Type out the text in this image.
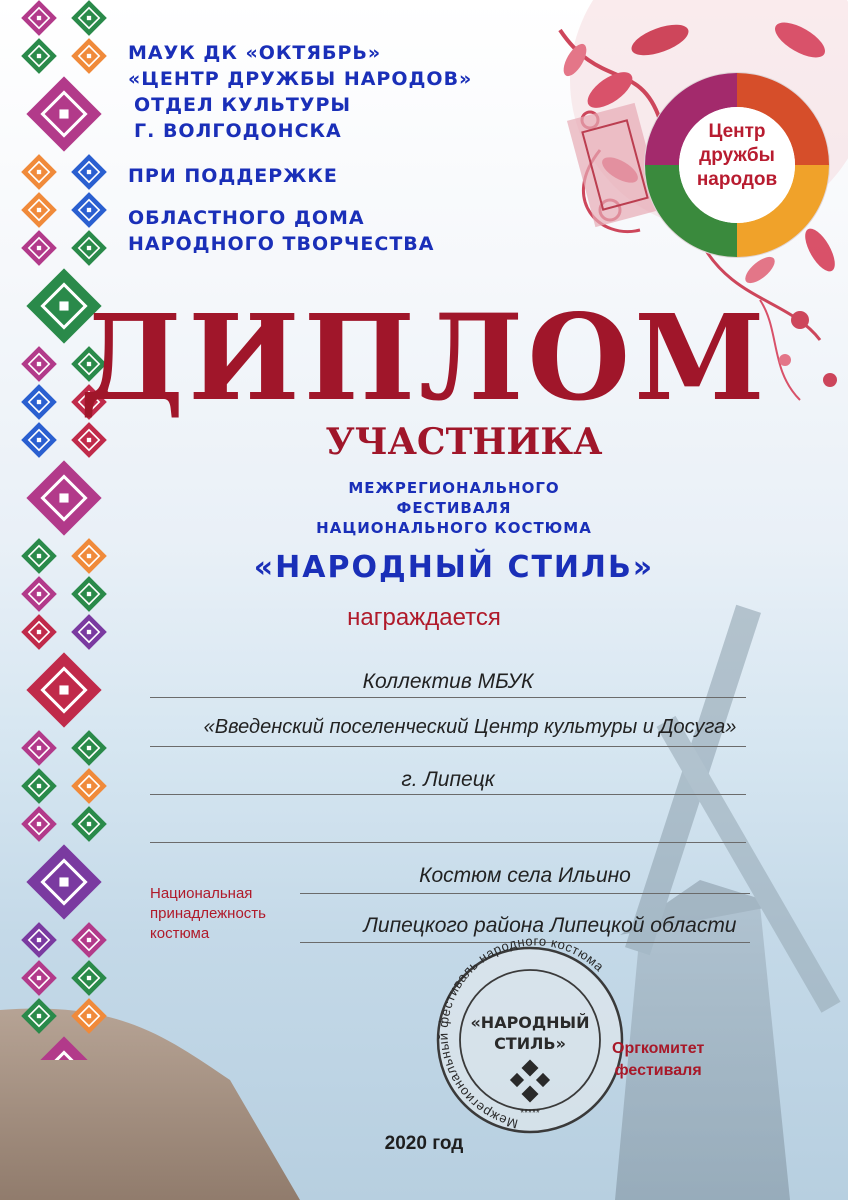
Центр
дружбы
народов
МАУК ДК «ОКТЯБРЬ»
«ЦЕНТР ДРУЖБЫ НАРОДОВ»
ОТДЕЛ КУЛЬТУРЫ
Г. ВОЛГОДОНСКА
ПРИ ПОДДЕРЖКЕ
ОБЛАСТНОГО ДОМА
НАРОДНОГО ТВОРЧЕСТВА
ДИПЛОМ
УЧАСТНИКА
МЕЖРЕГИОНАЛЬНОГО
ФЕСТИВАЛЯ
НАЦИОНАЛЬНОГО КОСТЮМА
«НАРОДНЫЙ СТИЛЬ»
награждается
Коллектив МБУК
«Введенский поселенческий Центр культуры и Досуга»
г. Липецк
Национальная
принадлежность
костюма
Костюм села Ильино
Липецкого района Липецкой области
Межрегиональный фестиваль народного костюма
«НАРОДНЫЙ
СТИЛЬ»
*****
Оргкомитет
фестиваля
2020 год
